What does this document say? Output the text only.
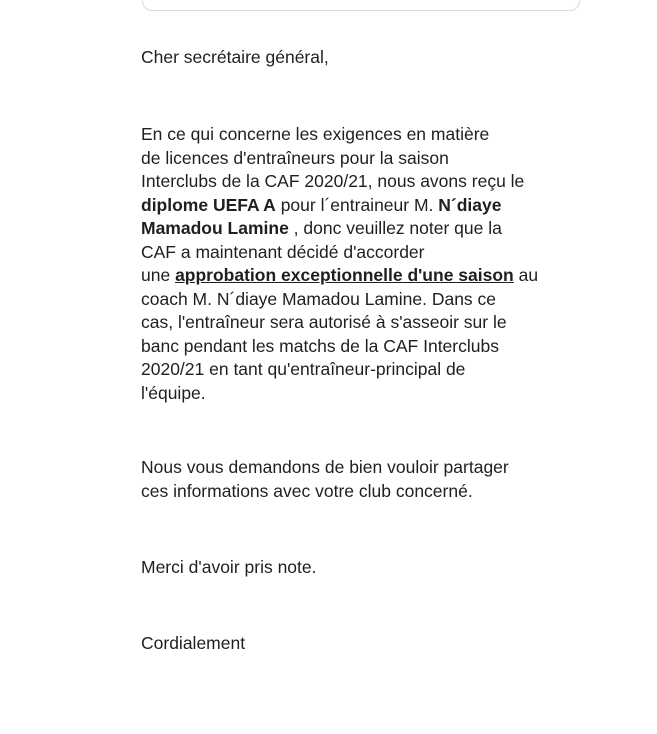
Cher secrétaire général,
En ce qui concerne les exigences en matière
de licences d'entraîneurs pour la saison
Interclubs de la CAF 2020/21, nous avons reçu le
diplome UEFA A pour l´entraineur M. N´diaye
Mamadou Lamine , donc veuillez noter que la
CAF a maintenant décidé d'accorder
une approbation exceptionnelle d'une saison au
coach M. N´diaye Mamadou Lamine. Dans ce
cas, l'entraîneur sera autorisé à s'asseoir sur le
banc pendant les matchs de la CAF Interclubs
2020/21 en tant qu'entraîneur-principal de
l'équipe.
Nous vous demandons de bien vouloir partager
ces informations avec votre club concerné.
Merci d'avoir pris note.
Cordialement
